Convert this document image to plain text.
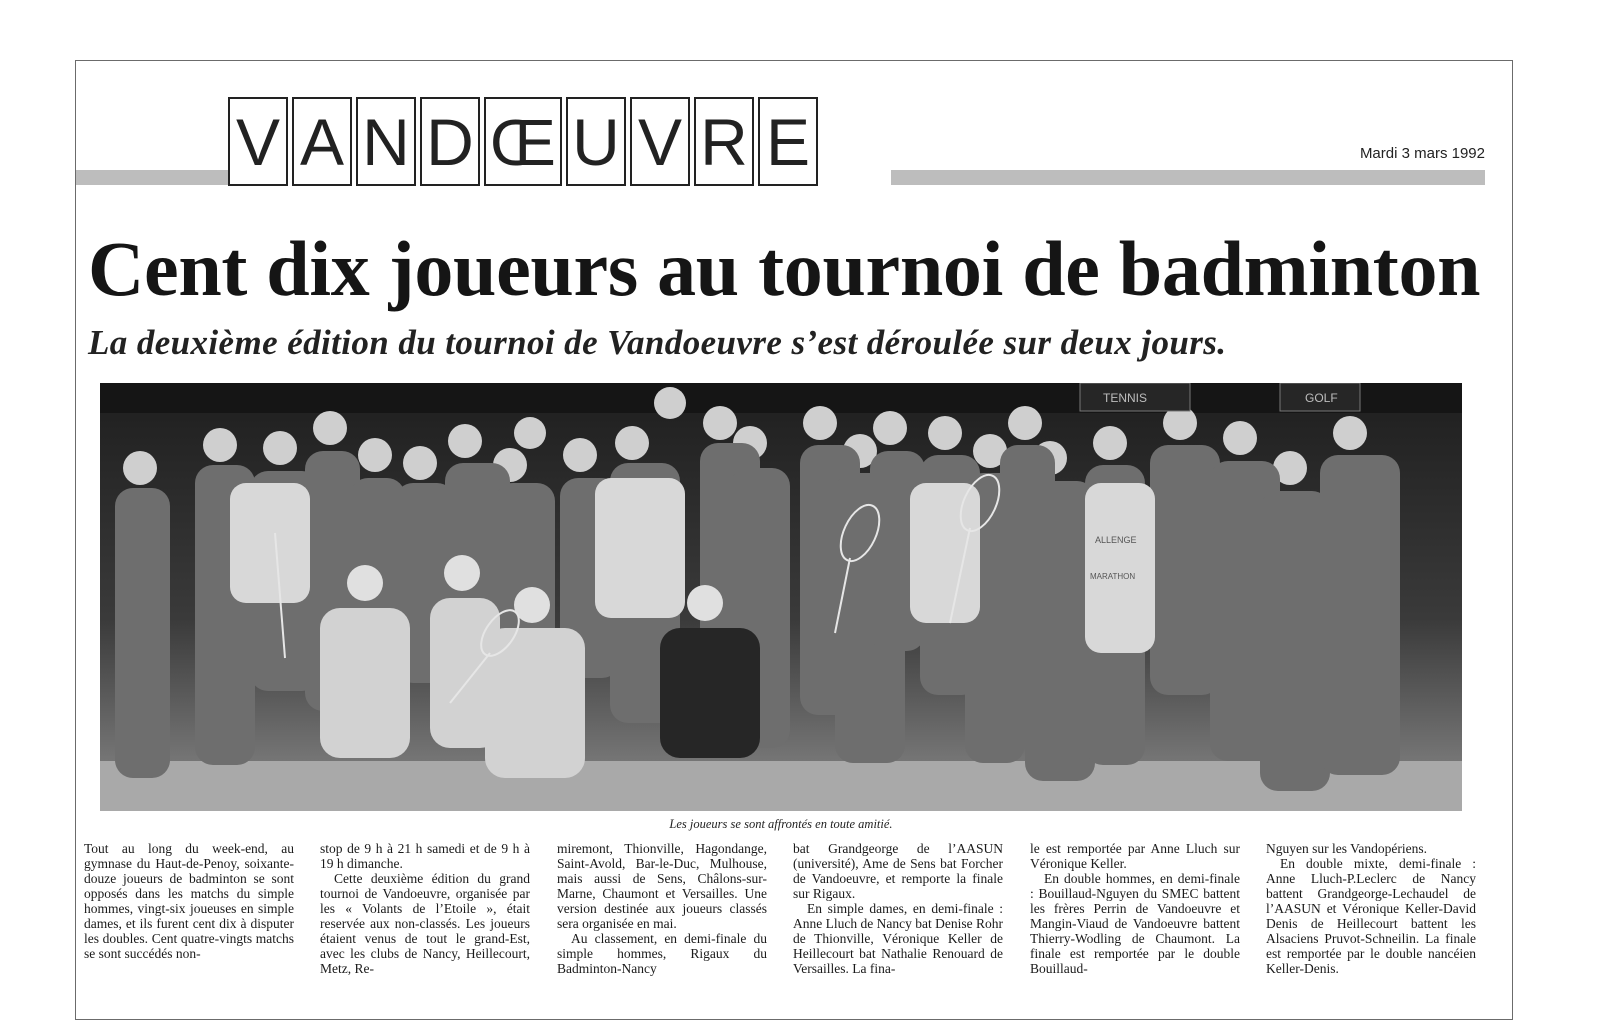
V A N D Œ U V R E	Mardi 3 mars 1992
Cent dix joueurs au tournoi de badminton
La deuxième édition du tournoi de Vandoeuvre s’est déroulée sur deux jours.
TENNIS	GOLF
ALLENGE
MARATHON
Les joueurs se sont affrontés en toute amitié.

Tout au long du week-end, au gymnase du Haut-de-Penoy, soixante-douze joueurs de badminton se sont opposés dans les matchs du simple hommes, vingt-six joueuses en simple dames, et ils furent cent dix à disputer les doubles. Cent quatre-vingts matchs se sont succédés non-

stop de 9 h à 21 h samedi et de 9 h à 19 h dimanche.

Cette deuxième édition du grand tournoi de Vandoeuvre, organisée par les « Volants de l’Etoile », était reservée aux non-classés. Les joueurs étaient venus de tout le grand-Est, avec les clubs de Nancy, Heillecourt, Metz, Re-

miremont, Thionville, Hagondange, Saint-Avold, Bar-le-Duc, Mulhouse, mais aussi de Sens, Châlons-sur-Marne, Chaumont et Versailles. Une version destinée aux joueurs classés sera organisée en mai.

Au classement, en demi-finale du simple hommes, Rigaux du Badminton-Nancy

bat Grandgeorge de l’AASUN (université), Ame de Sens bat Forcher de Vandoeuvre, et remporte la finale sur Rigaux.

En simple dames, en demi-finale : Anne Lluch de Nancy bat Denise Rohr de Thionville, Véronique Keller de Heillecourt bat Nathalie Renouard de Versailles. La fina-

le est remportée par Anne Lluch sur Véronique Keller.

En double hommes, en demi-finale : Bouillaud-Nguyen du SMEC battent les frères Perrin de Vandoeuvre et Mangin-Viaud de Vandoeuvre battent Thierry-Wodling de Chaumont. La finale est remportée par le double Bouillaud-

Nguyen sur les Vandopériens.

En double mixte, demi-finale : Anne Lluch-P.Leclerc de Nancy battent Grandgeorge-Lechaudel de l’AASUN et Véronique Keller-David Denis de Heillecourt battent les Alsaciens Pruvot-Schneilin. La finale est remportée par le double nancéien Keller-Denis.
